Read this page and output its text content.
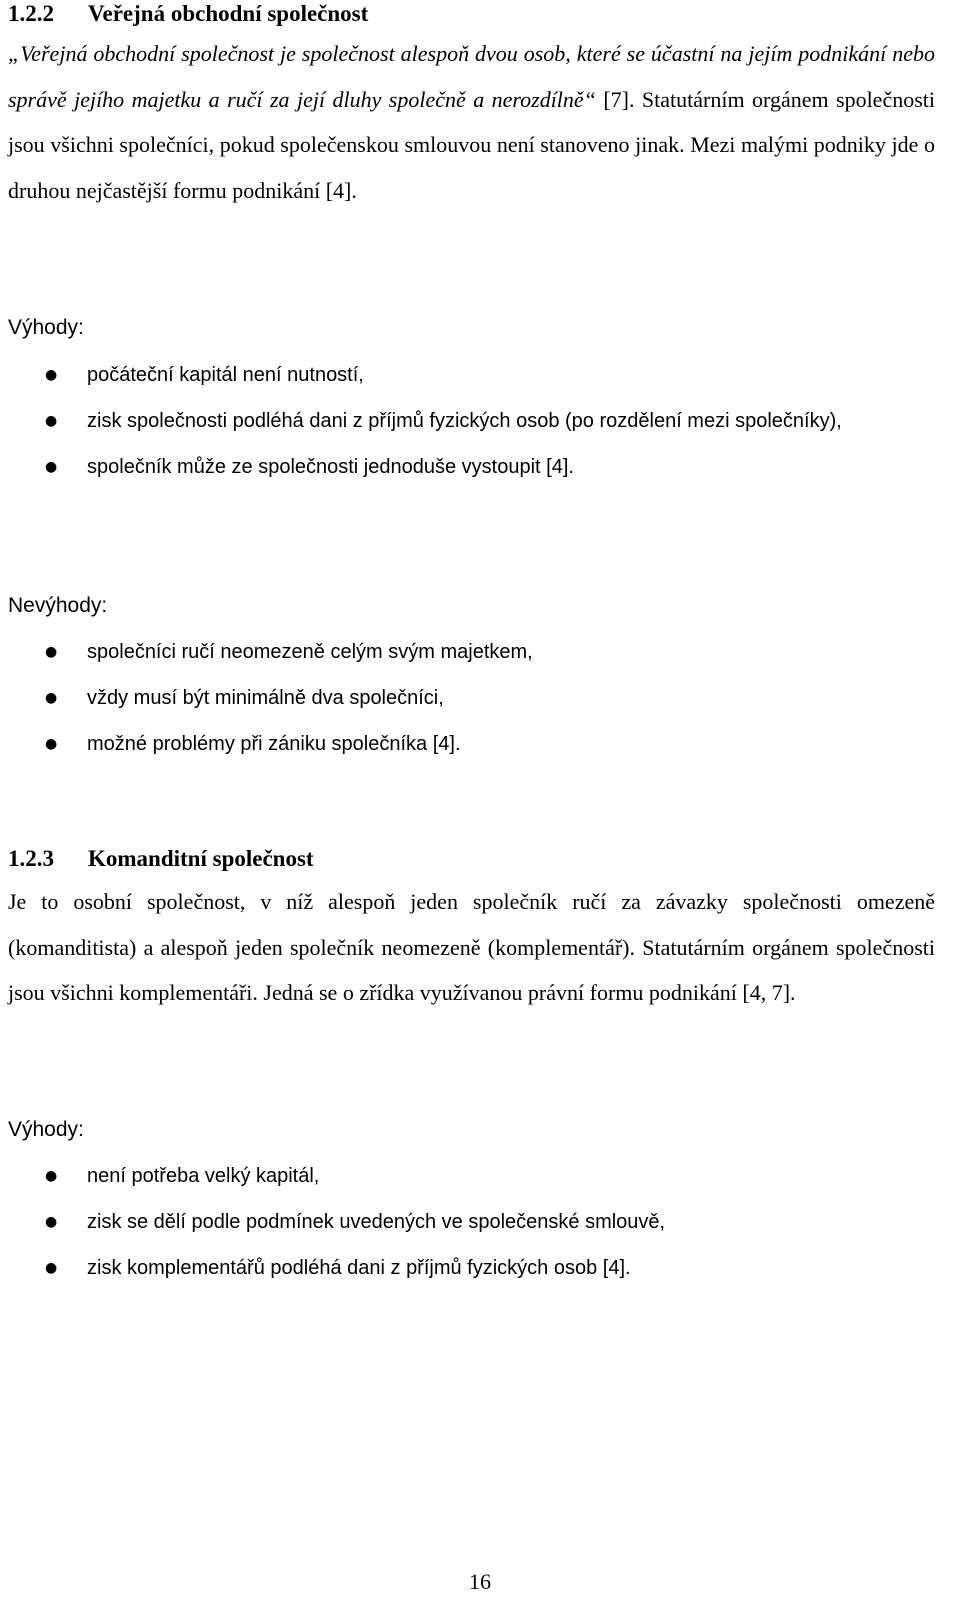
1.2.2 Veřejná obchodní společnost
„Veřejná obchodní společnost je společnost alespoň dvou osob, které se účastní na jejím podnikání nebo správě jejího majetku a ručí za její dluhy společně a nerozdílně“ [7]. Statutárním orgánem společnosti jsou všichni společníci, pokud společenskou smlouvou není stanoveno jinak. Mezi malými podniky jde o druhou nejčastější formu podnikání [4].
Výhody:
●	počáteční kapitál není nutností,
●	zisk společnosti podléhá dani z příjmů fyzických osob (po rozdělení mezi společníky),
●	společník může ze společnosti jednoduše vystoupit [4].
Nevýhody:
●	společníci ručí neomezeně celým svým majetkem,
●	vždy musí být minimálně dva společníci,
●	možné problémy při zániku společníka [4].
1.2.3 Komanditní společnost
Je to osobní společnost, v níž alespoň jeden společník ručí za závazky společnosti omezeně (komanditista) a alespoň jeden společník neomezeně (komplementář). Statutárním orgánem společnosti jsou všichni komplementáři. Jedná se o zřídka využívanou právní formu podnikání [4, 7].
Výhody:
●	není potřeba velký kapitál,
●	zisk se dělí podle podmínek uvedených ve společenské smlouvě,
●	zisk komplementářů podléhá dani z příjmů fyzických osob [4].
16
